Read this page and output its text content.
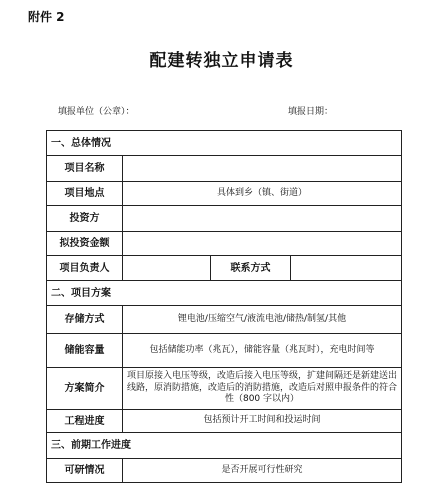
附件 2
配建转独立申请表
填报单位（公章）：	填报日期：
一、总体情况			
项目名称			
项目地点	具体到乡（镇、街道）		
投资方			
拟投资金额			
项目负责人		联系方式	
二、项目方案			
存储方式	锂电池/压缩空气/液流电池/储热/制氢/其他		
储能容量	包括储能功率（兆瓦），储能容量（兆瓦时），充电时间等		
方案简介	项目原接入电压等级，改造后接入电压等级，扩建间隔还是新建送出线路，原消防措施，改造后的消防措施，改造后对照申报条件的符合性（800 字以内）		
工程进度	包括预计开工时间和投运时间		
三、前期工作进度			
可研情况	是否开展可行性研究		
